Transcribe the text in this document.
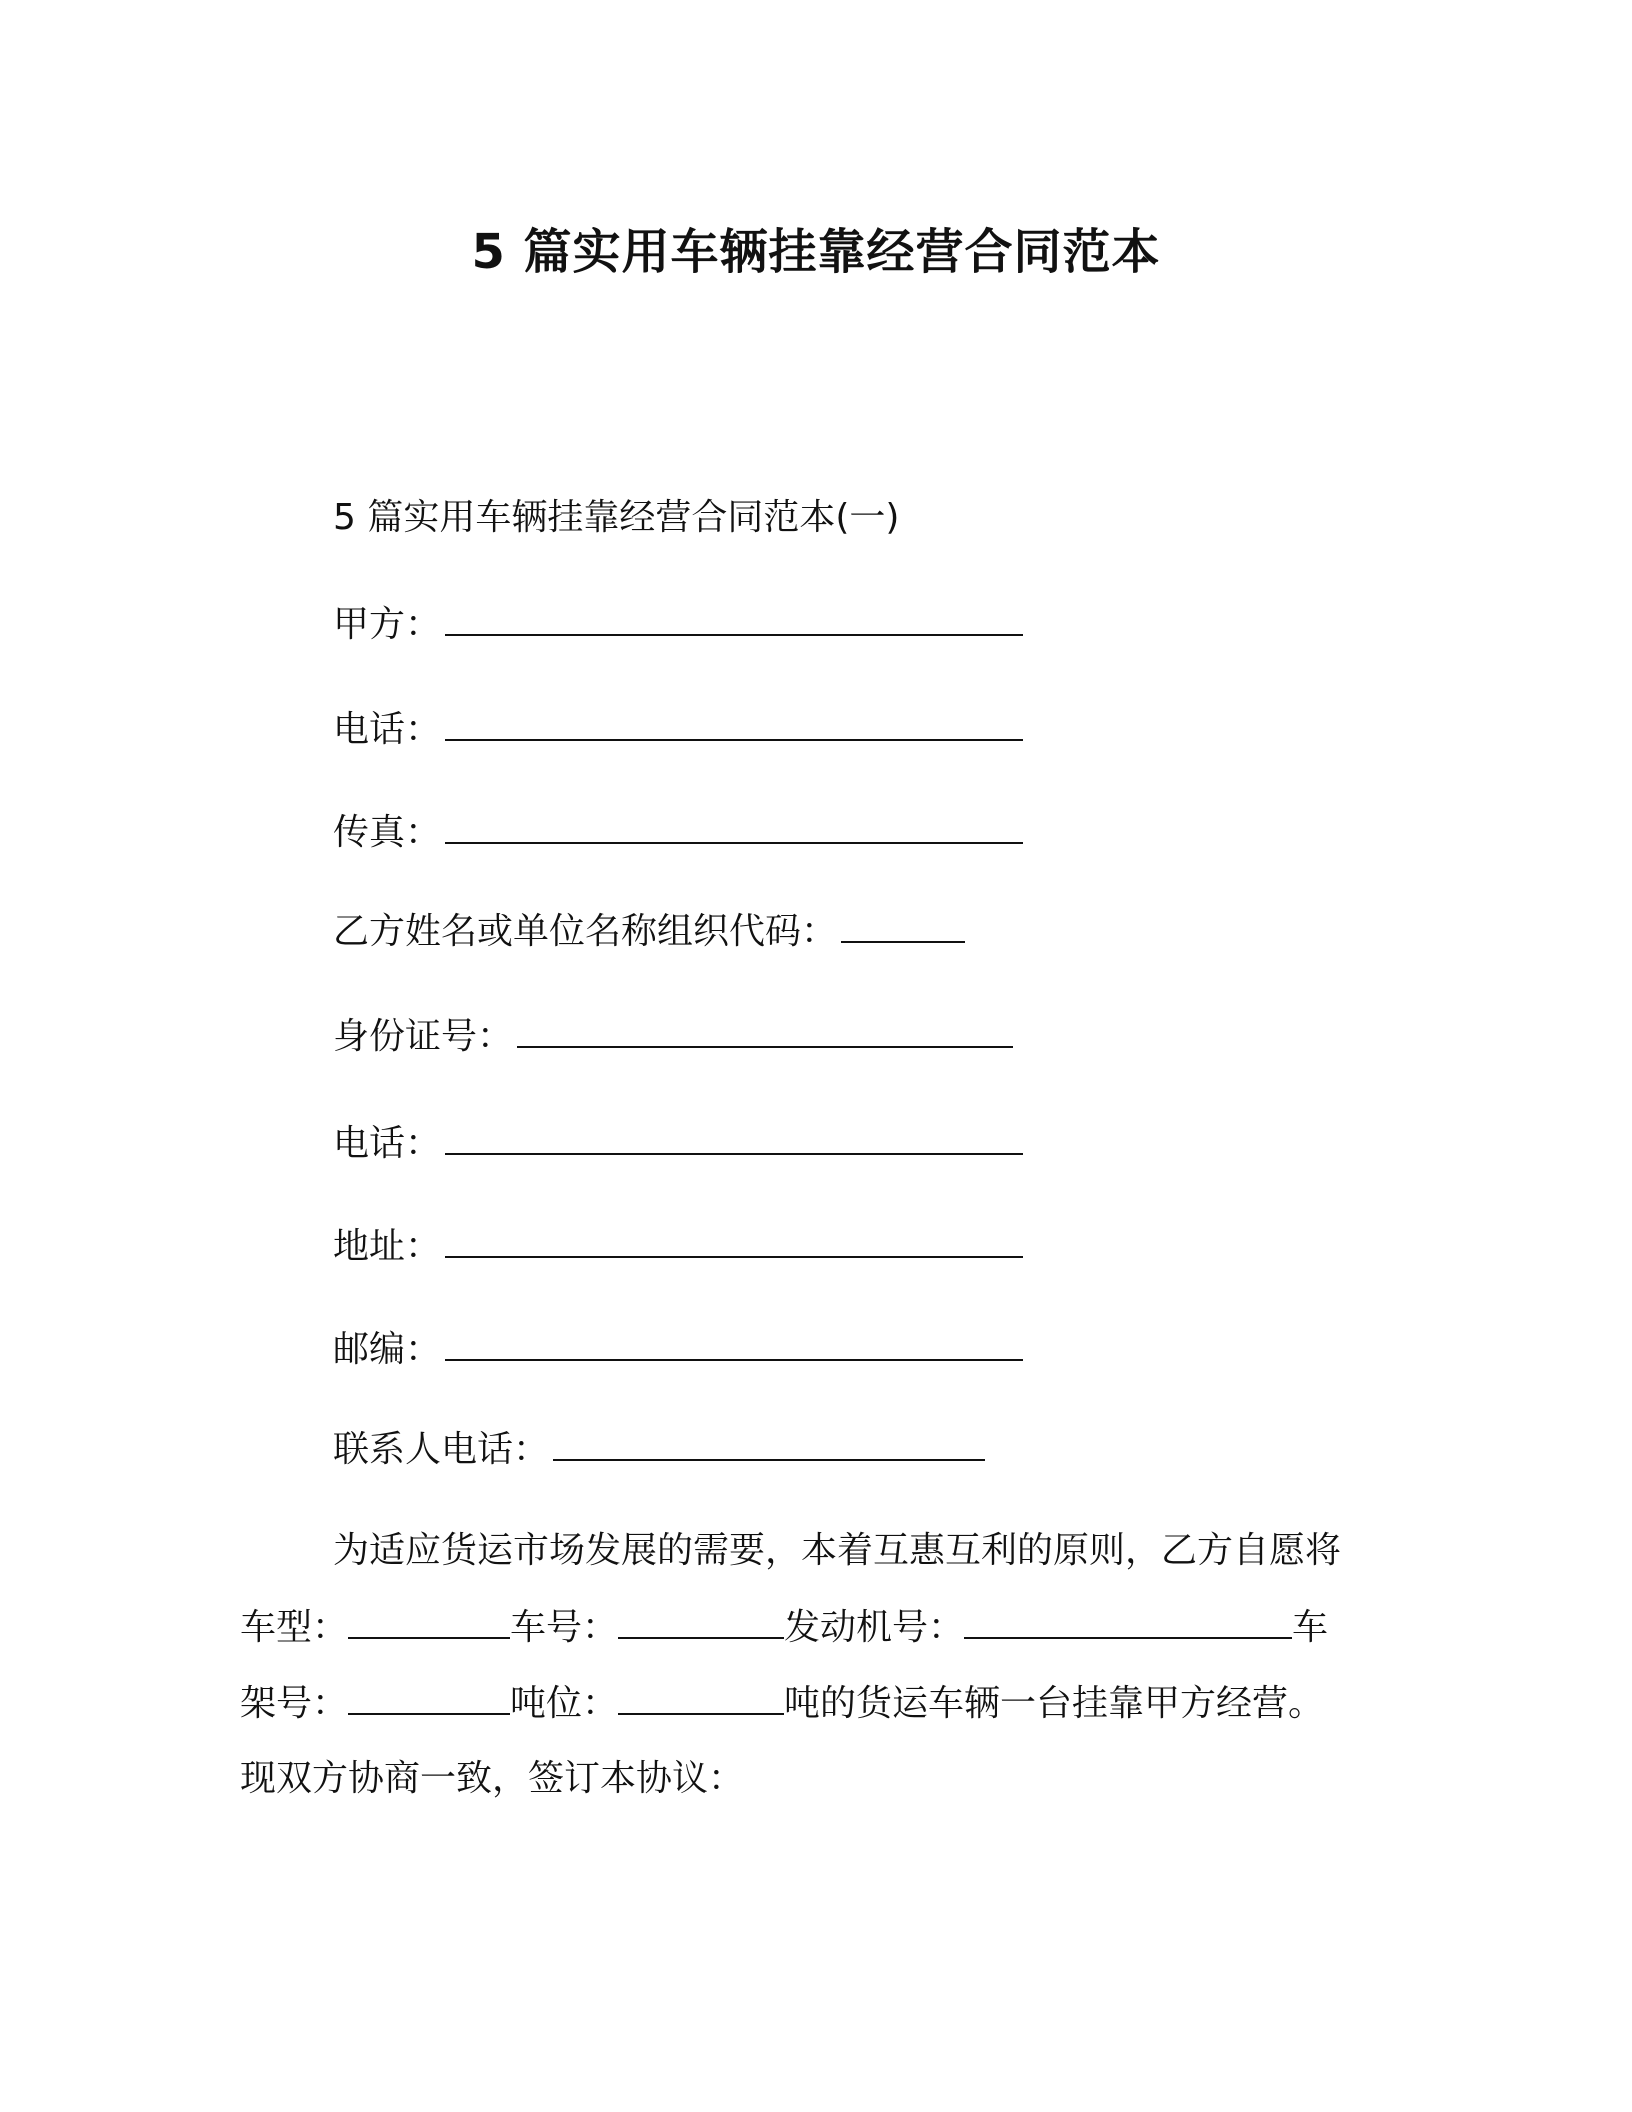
5 篇实用车辆挂靠经营合同范本
5 篇实用车辆挂靠经营合同范本(一)
甲方：
电话：
传真：
乙方姓名或单位名称组织代码：
身份证号：
电话：
地址：
邮编：
联系人电话：
为适应货运市场发展的需要，本着互惠互利的原则，乙方自愿将
车型：	车号：	发动机号：	车
架号：	吨位：	吨的货运车辆一台挂靠甲方经营。
现双方协商一致，签订本协议：
